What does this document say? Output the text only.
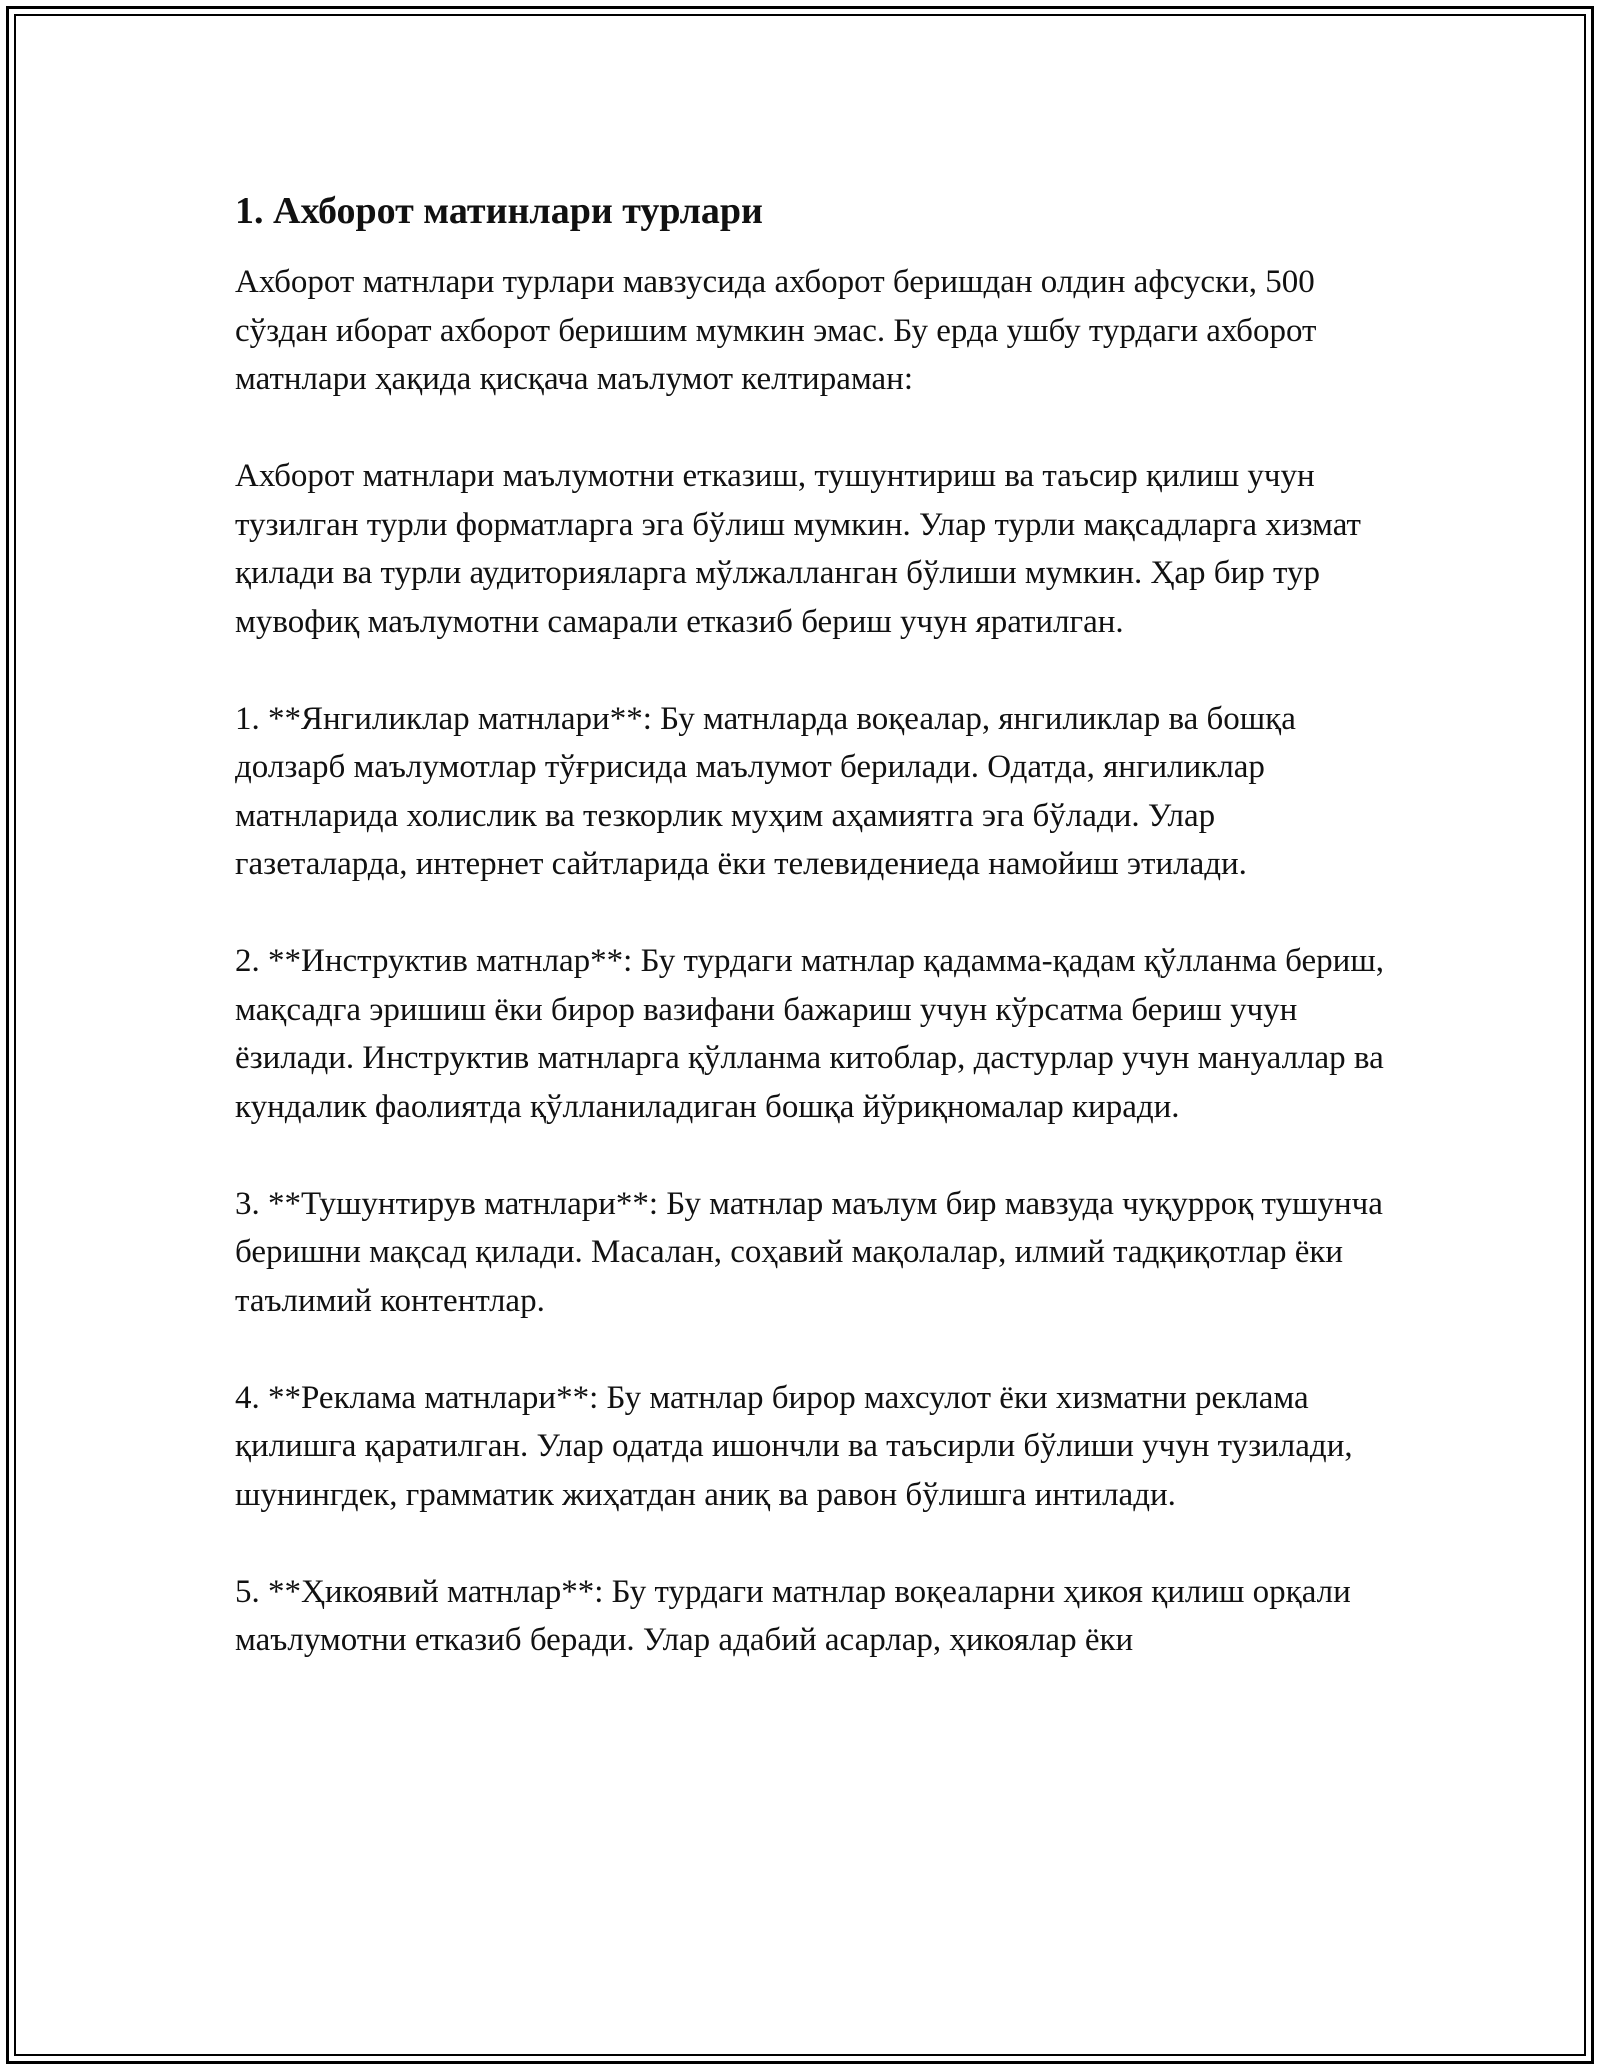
1. Ахборот матинлари турлари

Ахборот матнлари турлари мавзусида ахборот беришдан олдин афсуски, 500 сўздан иборат ахборот беришим мумкин эмас. Бу ерда ушбу турдаги ахборот матнлари ҳақида қисқача маълумот келтираман:

Ахборот матнлари маълумотни етказиш, тушунтириш ва таъсир қилиш учун тузилган турли форматларга эга бўлиш мумкин. Улар турли мақсадларга хизмат қилади ва турли аудиторияларга мўлжалланган бўлиши мумкин. Ҳар бир тур мувофиқ маълумотни самарали етказиб бериш учун яратилган.

1. **Янгиликлар матнлари**: Бу матнларда воқеалар, янгиликлар ва бошқа долзарб маълумотлар тўғрисида маълумот берилади. Одатда, янгиликлар матнларида холислик ва тезкорлик муҳим аҳамиятга эга бўлади. Улар газеталарда, интернет сайтларида ёки телевидениеда намойиш этилади.

2. **Инструктив матнлар**: Бу турдаги матнлар қадамма-қадам қўлланма бериш, мақсадга эришиш ёки бирор вазифани бажариш учун кўрсатма бериш учун ёзилади. Инструктив матнларга қўлланма китоблар, дастурлар учун мануаллар ва кундалик фаолиятда қўлланиладиган бошқа йўриқномалар киради.

3. **Тушунтирув матнлари**: Бу матнлар маълум бир мавзуда чуқурроқ тушунча беришни мақсад қилади. Масалан, соҳавий мақолалар, илмий тадқиқотлар ёки таълимий контентлар.

4. **Реклама матнлари**: Бу матнлар бирор махсулот ёки хизматни реклама қилишга қаратилган. Улар одатда ишончли ва таъсирли бўлиши учун тузилади, шунингдек, грамматик жиҳатдан аниқ ва равон бўлишга интилади.

5. **Ҳикоявий матнлар**: Бу турдаги матнлар воқеаларни ҳикоя қилиш орқали маълумотни етказиб беради. Улар адабий асарлар, ҳикоялар ёки
